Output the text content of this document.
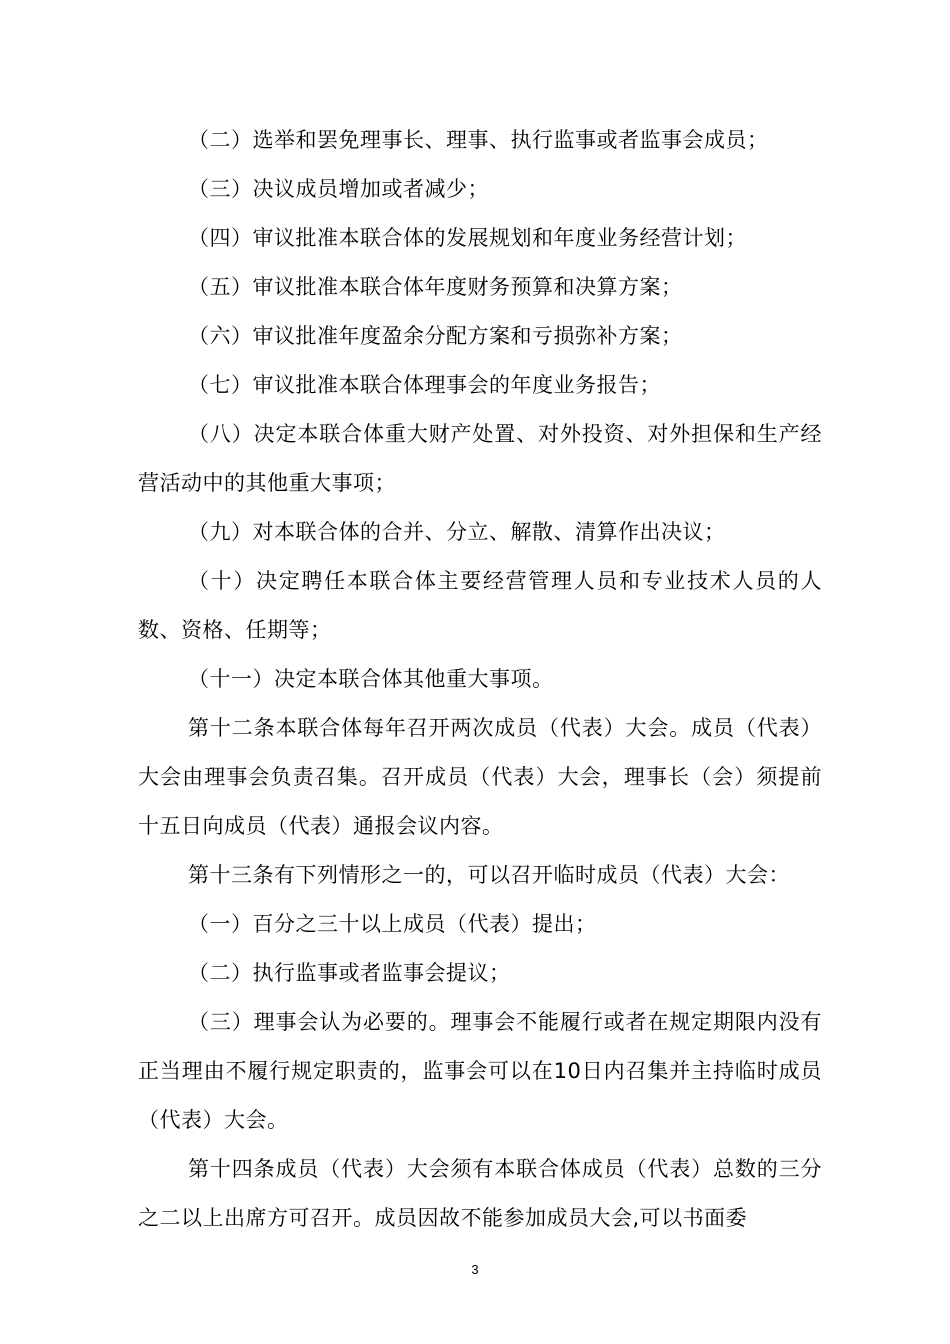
（二）选举和罢免理事长、理事、执行监事或者监事会成员；

（三）决议成员增加或者减少；

（四）审议批准本联合体的发展规划和年度业务经营计划；

（五）审议批准本联合体年度财务预算和决算方案；

（六）审议批准年度盈余分配方案和亏损弥补方案；

（七）审议批准本联合体理事会的年度业务报告；

（八）决定本联合体重大财产处置、对外投资、对外担保和生产经营活动中的其他重大事项；

（九）对本联合体的合并、分立、解散、清算作出决议；

（十）决定聘任本联合体主要经营管理人员和专业技术人员的人数、资格、任期等；

（十一）决定本联合体其他重大事项。

第十二条本联合体每年召开两次成员（代表）大会。成员（代表）大会由理事会负责召集。召开成员（代表）大会，理事长（会）须提前十五日向成员（代表）通报会议内容。

第十三条有下列情形之一的，可以召开临时成员（代表）大会：

（一）百分之三十以上成员（代表）提出；

（二）执行监事或者监事会提议；

（三）理事会认为必要的。理事会不能履行或者在规定期限内没有正当理由不履行规定职责的，监事会可以在10日内召集并主持临时成员（代表）大会。

第十四条成员（代表）大会须有本联合体成员（代表）总数的三分之二以上出席方可召开。成员因故不能参加成员大会,可以书面委

3
